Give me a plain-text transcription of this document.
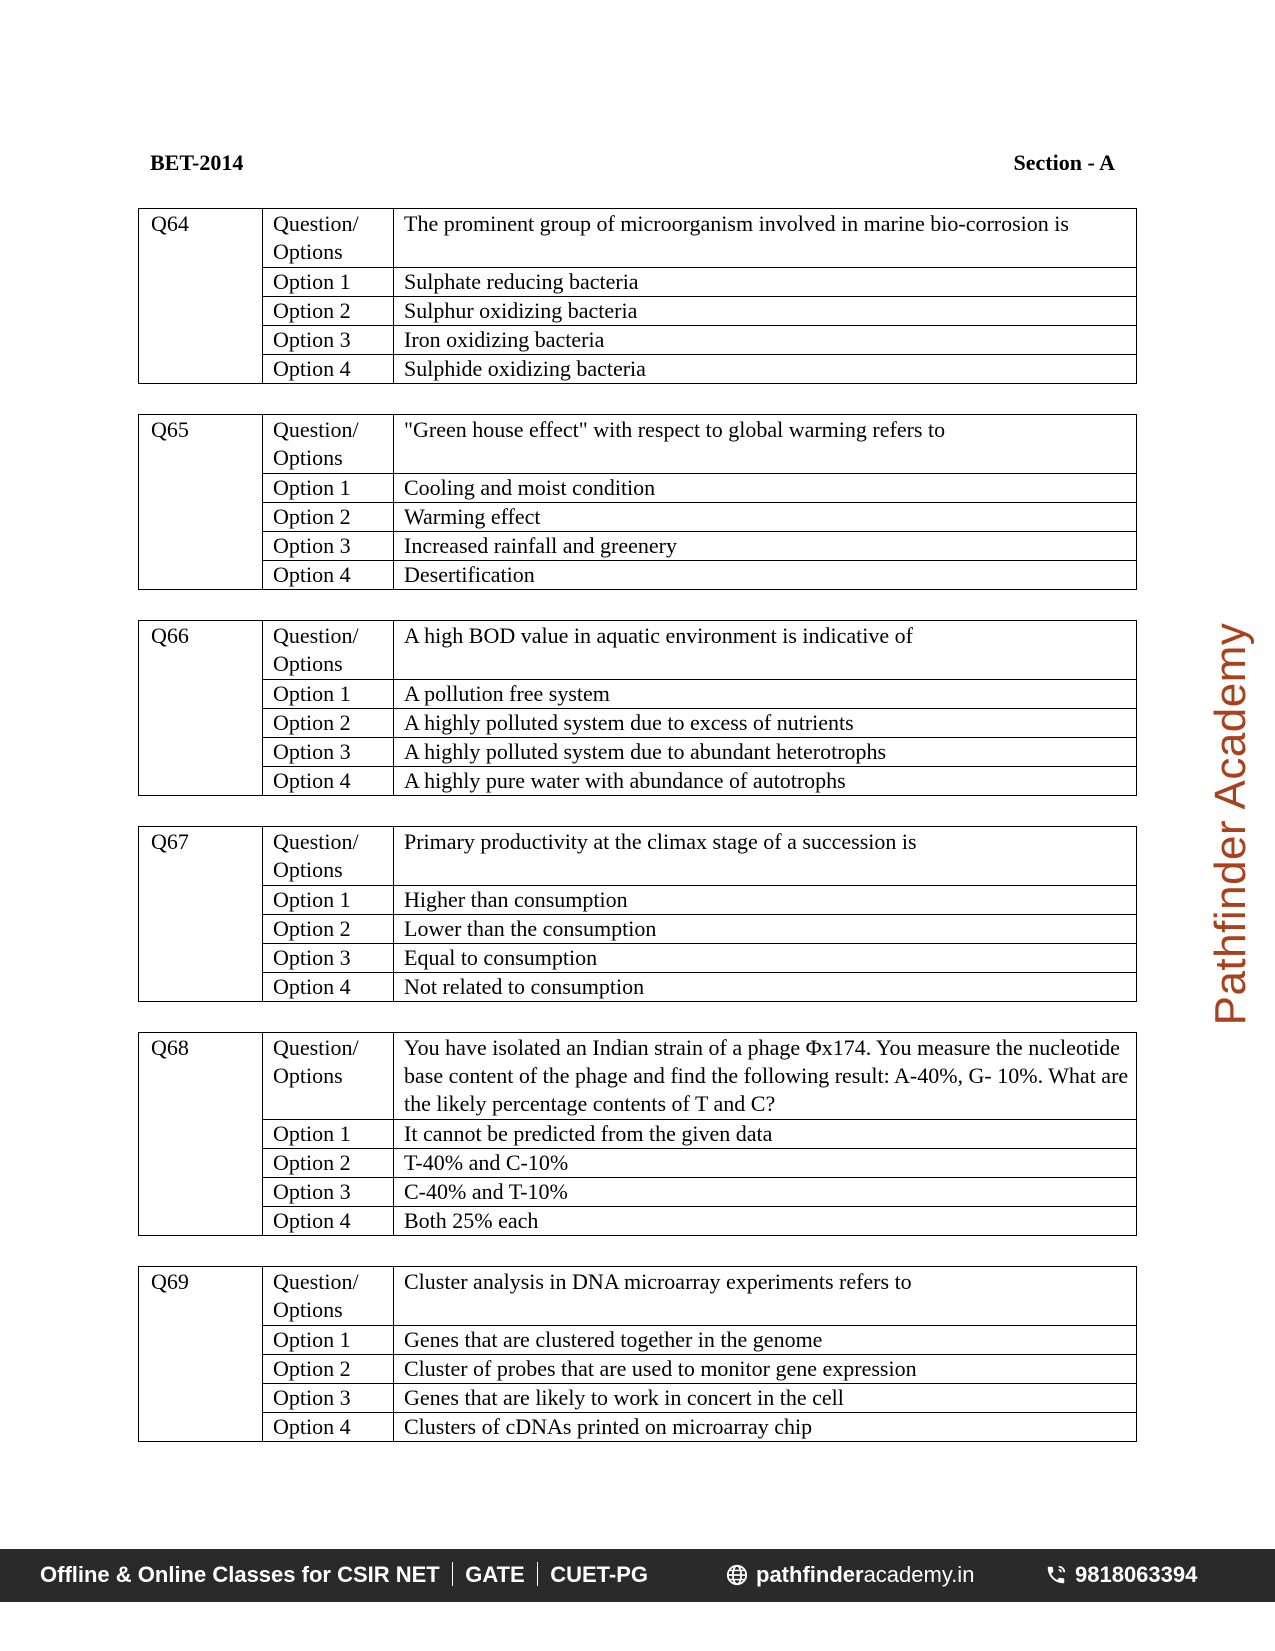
BET-2014	Section - A
Q64	Question/ Options	The prominent group of microorganism involved in marine bio-corrosion is
	Option 1	Sulphate reducing bacteria
	Option 2	Sulphur oxidizing bacteria
	Option 3	Iron oxidizing bacteria
	Option 4	Sulphide oxidizing bacteria
Q65	Question/ Options	"Green house effect" with respect to global warming refers to
	Option 1	Cooling and moist condition
	Option 2	Warming effect
	Option 3	Increased rainfall and greenery
	Option 4	Desertification
Q66	Question/ Options	A high BOD value in aquatic environment is indicative of
	Option 1	A pollution free system
	Option 2	A highly polluted system due to excess of nutrients
	Option 3	A highly polluted system due to abundant heterotrophs
	Option 4	A highly pure water with abundance of autotrophs
Q67	Question/ Options	Primary productivity at the climax stage of a succession is
	Option 1	Higher than consumption
	Option 2	Lower than the consumption
	Option 3	Equal to consumption
	Option 4	Not related to consumption
Q68	Question/ Options	You have isolated an Indian strain of a phage Φx174. You measure the nucleotide base content of the phage and find the following result: A-40%, G- 10%. What are the likely percentage contents of T and C?
	Option 1	It cannot be predicted from the given data
	Option 2	T-40% and C-10%
	Option 3	C-40% and T-10%
	Option 4	Both 25% each
Q69	Question/ Options	Cluster analysis in DNA microarray experiments refers to
	Option 1	Genes that are clustered together in the genome
	Option 2	Cluster of probes that are used to monitor gene expression
	Option 3	Genes that are likely to work in concert in the cell
	Option 4	Clusters of cDNAs printed on microarray chip
Pathfinder Academy
Offline & Online Classes for CSIR NET GATE CUET-PG	pathfinderacademy.in	9818063394
